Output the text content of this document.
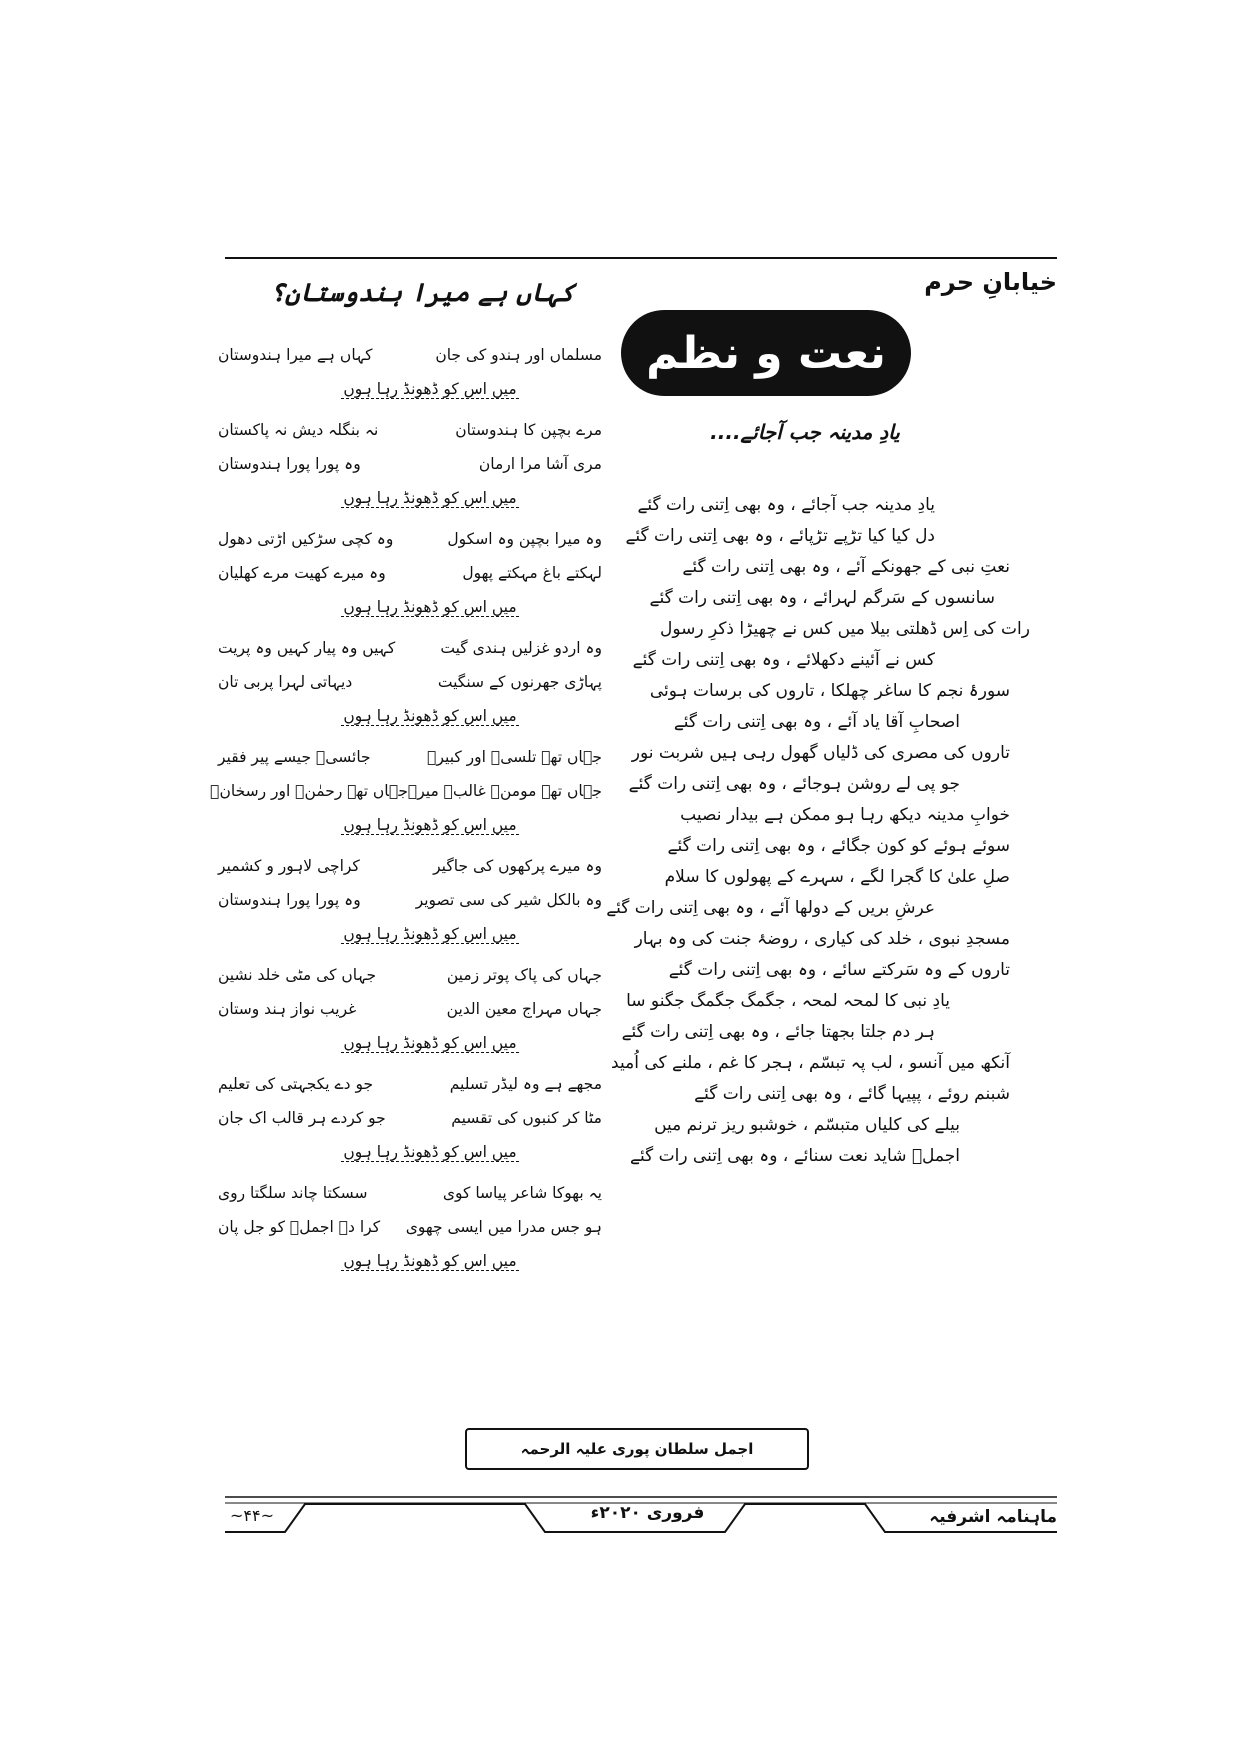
خیابانِ حرم
نعت و نظم
کہاں ہے میرا ہندوستان؟
یادِ مدینہ جب آجائے....
مسلماں اور ہندو کی جان
کہاں ہے میرا ہندوستان
میں اس کو ڈھونڈ رہا ہوں
مرے بچپن کا ہندوستان
نہ بنگلہ دیش نہ پاکستان
مری آشا مرا ارمان
وہ پورا پورا ہندوستان
میں اس کو ڈھونڈ رہا ہوں
وہ میرا بچپن وہ اسکول
وہ کچی سڑکیں اڑتی دھول
لہکتے باغ مہکتے پھول
وہ میرے کھیت مرے کھلیان
میں اس کو ڈھونڈ رہا ہوں
وہ اردو غزلیں ہندی گیت
کہیں وہ پیار کہیں وہ پریت
پہاڑی جھرنوں کے سنگیت
دیہاتی لہرا پربی تان
میں اس کو ڈھونڈ رہا ہوں
جہاں تھے تلسیؔ اور کبیرؔ
جائسیؔ جیسے پیر فقیر
جہاں تھے مومنؔ غالبؔ میرؔ
جہاں تھے رحمٰنؔ اور رسخانؔ
میں اس کو ڈھونڈ رہا ہوں
وہ میرے پرکھوں کی جاگیر
کراچی لاہور و کشمیر
وہ بالکل شیر کی سی تصویر
وہ پورا پورا ہندوستان
میں اس کو ڈھونڈ رہا ہوں
جہاں کی پاک پوتر زمین
جہاں کی مٹی خلد نشین
جہاں مہراج معین الدین
غریب نواز ہند وستان
میں اس کو ڈھونڈ رہا ہوں
مجھے ہے وہ لیڈر تسلیم
جو دے یکجہتی کی تعلیم
مٹا کر کنبوں کی تقسیم
جو کردے ہر قالب اک جان
میں اس کو ڈھونڈ رہا ہوں
یہ بھوکا شاعر پیاسا کوی
سسکتا چاند سلگتا روی
ہو جس مدرا میں ایسی چھوی
کرا دے اجملؔ کو جل پان
میں اس کو ڈھونڈ رہا ہوں
یادِ مدینہ جب آجائے ، وہ بھی اِتنی رات گئے
دل کیا کیا تڑپے تڑپائے ، وہ بھی اِتنی رات گئے
نعتِ نبی کے جھونکے آئے ، وہ بھی اِتنی رات گئے
سانسوں کے سَرگم لہرائے ، وہ بھی اِتنی رات گئے
رات کی اِس ڈھلتی بیلا میں کس نے چھیڑا ذکرِ رسول
کس نے آئینے دکھلائے ، وہ بھی اِتنی رات گئے
سورۂ نجم کا ساغر چھلکا ، تاروں کی برسات ہوئی
اصحابِ آقا یاد آئے ، وہ بھی اِتنی رات گئے
تاروں کی مصری کی ڈلیاں گھول رہی ہیں شربت نور
جو پی لے روشن ہوجائے ، وہ بھی اِتنی رات گئے
خوابِ مدینہ دیکھ رہا ہو ممکن ہے بیدار نصیب
سوئے ہوئے کو کون جگائے ، وہ بھی اِتنی رات گئے
صلِ علیٰ کا گجرا لگے ، سہرے کے پھولوں کا سلام
عرشِ بریں کے دولھا آئے ، وہ بھی اِتنی رات گئے
مسجدِ نبوی ، خلد کی کیاری ، روضۂ جنت کی وہ بہار
تاروں کے وہ سَرکتے سائے ، وہ بھی اِتنی رات گئے
یادِ نبی کا لمحہ لمحہ ، جگمگ جگمگ جگنو سا
ہر دم جلتا بجھتا جائے ، وہ بھی اِتنی رات گئے
آنکھ میں آنسو ، لب پہ تبسّم ، ہجر کا غم ، ملنے کی اُمید
شبنم روئے ، پپیہا گائے ، وہ بھی اِتنی رات گئے
بیلے کی کلیاں متبسّم ، خوشبو ریز ترنم میں
اجملؔ شاید نعت سنائے ، وہ بھی اِتنی رات گئے
اجمل سلطان پوری علیہ الرحمہ
~۴۴~	فروری ۲۰۲۰ء	ماہنامہ اشرفیہ
